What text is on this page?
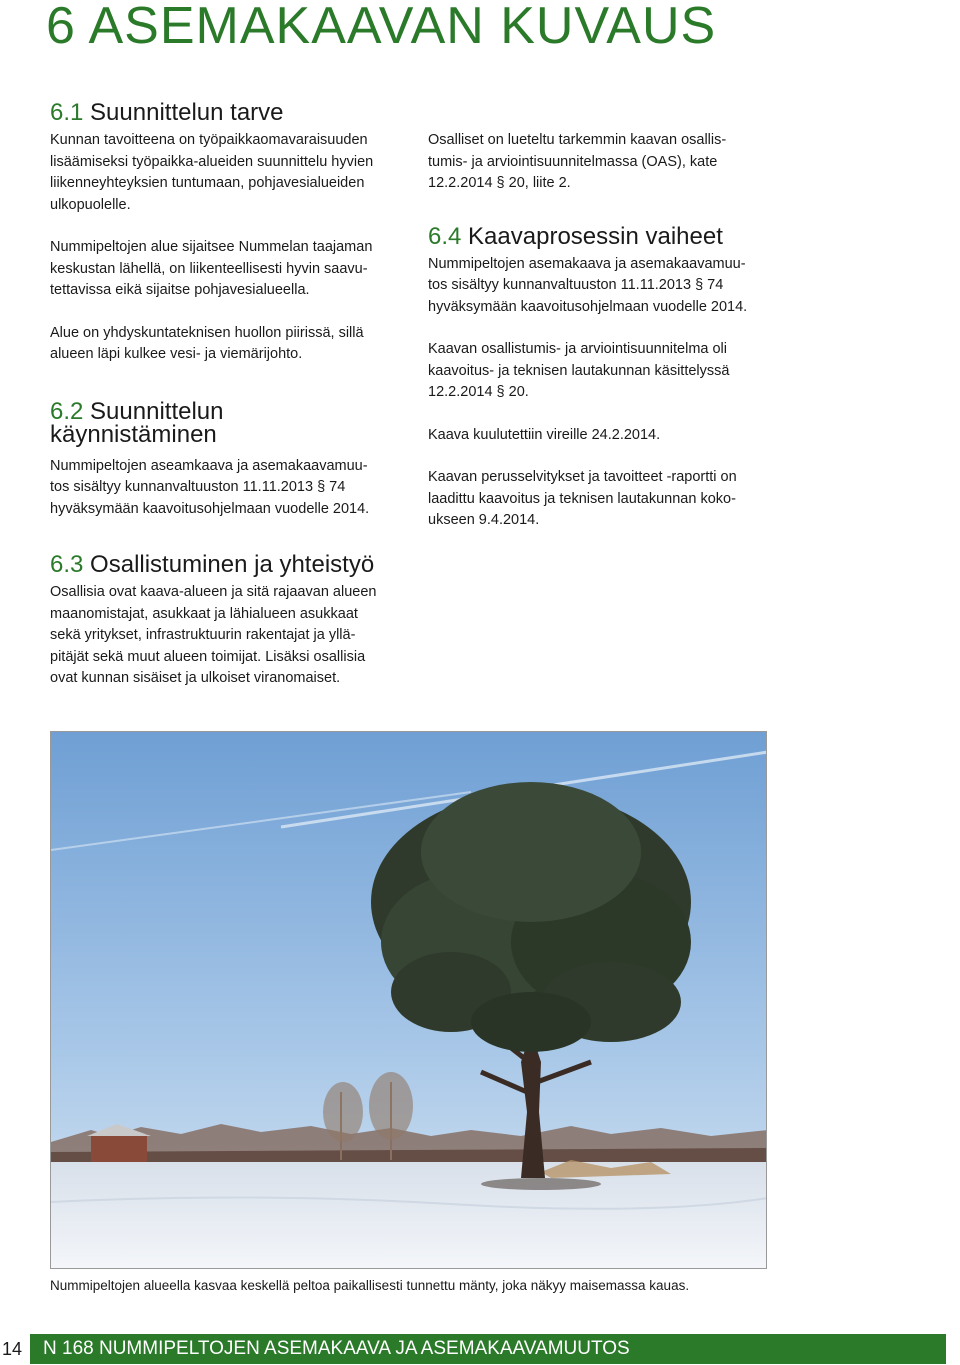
6 ASEMAKAAVAN KUVAUS
6.1 Suunnittelun tarve

Kunnan tavoitteena on työpaikkaomavaraisuuden
lisäämiseksi työpaikka-alueiden suunnittelu hyvien
liikenneyhteyksien tuntumaan, pohjavesialueiden
ulkopuolelle.

Nummipeltojen alue sijaitsee Nummelan taajaman
keskustan lähellä, on liikenteellisesti hyvin saavu-
tettavissa eikä sijaitse pohjavesialueella.

Alue on yhdyskuntateknisen huollon piirissä, sillä
alueen läpi kulkee vesi- ja viemärijohto.

6.2 Suunnittelun
käynnistäminen

Nummipeltojen aseamkaava ja asemakaavamuu-
tos sisältyy kunnanvaltuuston 11.11.2013 § 74
hyväksymään kaavoitusohjelmaan vuodelle 2014.

6.3 Osallistuminen ja yhteistyö

Osallisia ovat kaava-alueen ja sitä rajaavan alueen
maanomistajat, asukkaat ja lähialueen asukkaat
sekä yritykset, infrastruktuurin rakentajat ja yllä-
pitäjät sekä muut alueen toimijat. Lisäksi osallisia
ovat kunnan sisäiset ja ulkoiset viranomaiset.

Osalliset on lueteltu tarkemmin kaavan osallis-
tumis- ja arviointisuunnitelmassa (OAS), kate
12.2.2014 § 20, liite 2.

6.4 Kaavaprosessin vaiheet

Nummipeltojen asemakaava ja asemakaavamuu-
tos sisältyy kunnanvaltuuston 11.11.2013 § 74
hyväksymään kaavoitusohjelmaan vuodelle 2014.

Kaavan osallistumis- ja arviointisuunnitelma oli
kaavoitus- ja teknisen lautakunnan käsittelyssä
12.2.2014 § 20.

Kaava kuulutettiin vireille 24.2.2014.

Kaavan perusselvitykset ja tavoitteet -raportti on
laadittu kaavoitus ja teknisen lautakunnan koko-
ukseen 9.4.2014.

Nummipeltojen alueella kasvaa keskellä peltoa paikallisesti tunnettu mänty, joka näkyy maisemassa kauas.
14	N 168 NUMMIPELTOJEN ASEMAKAAVA JA ASEMAKAAVAMUUTOS
